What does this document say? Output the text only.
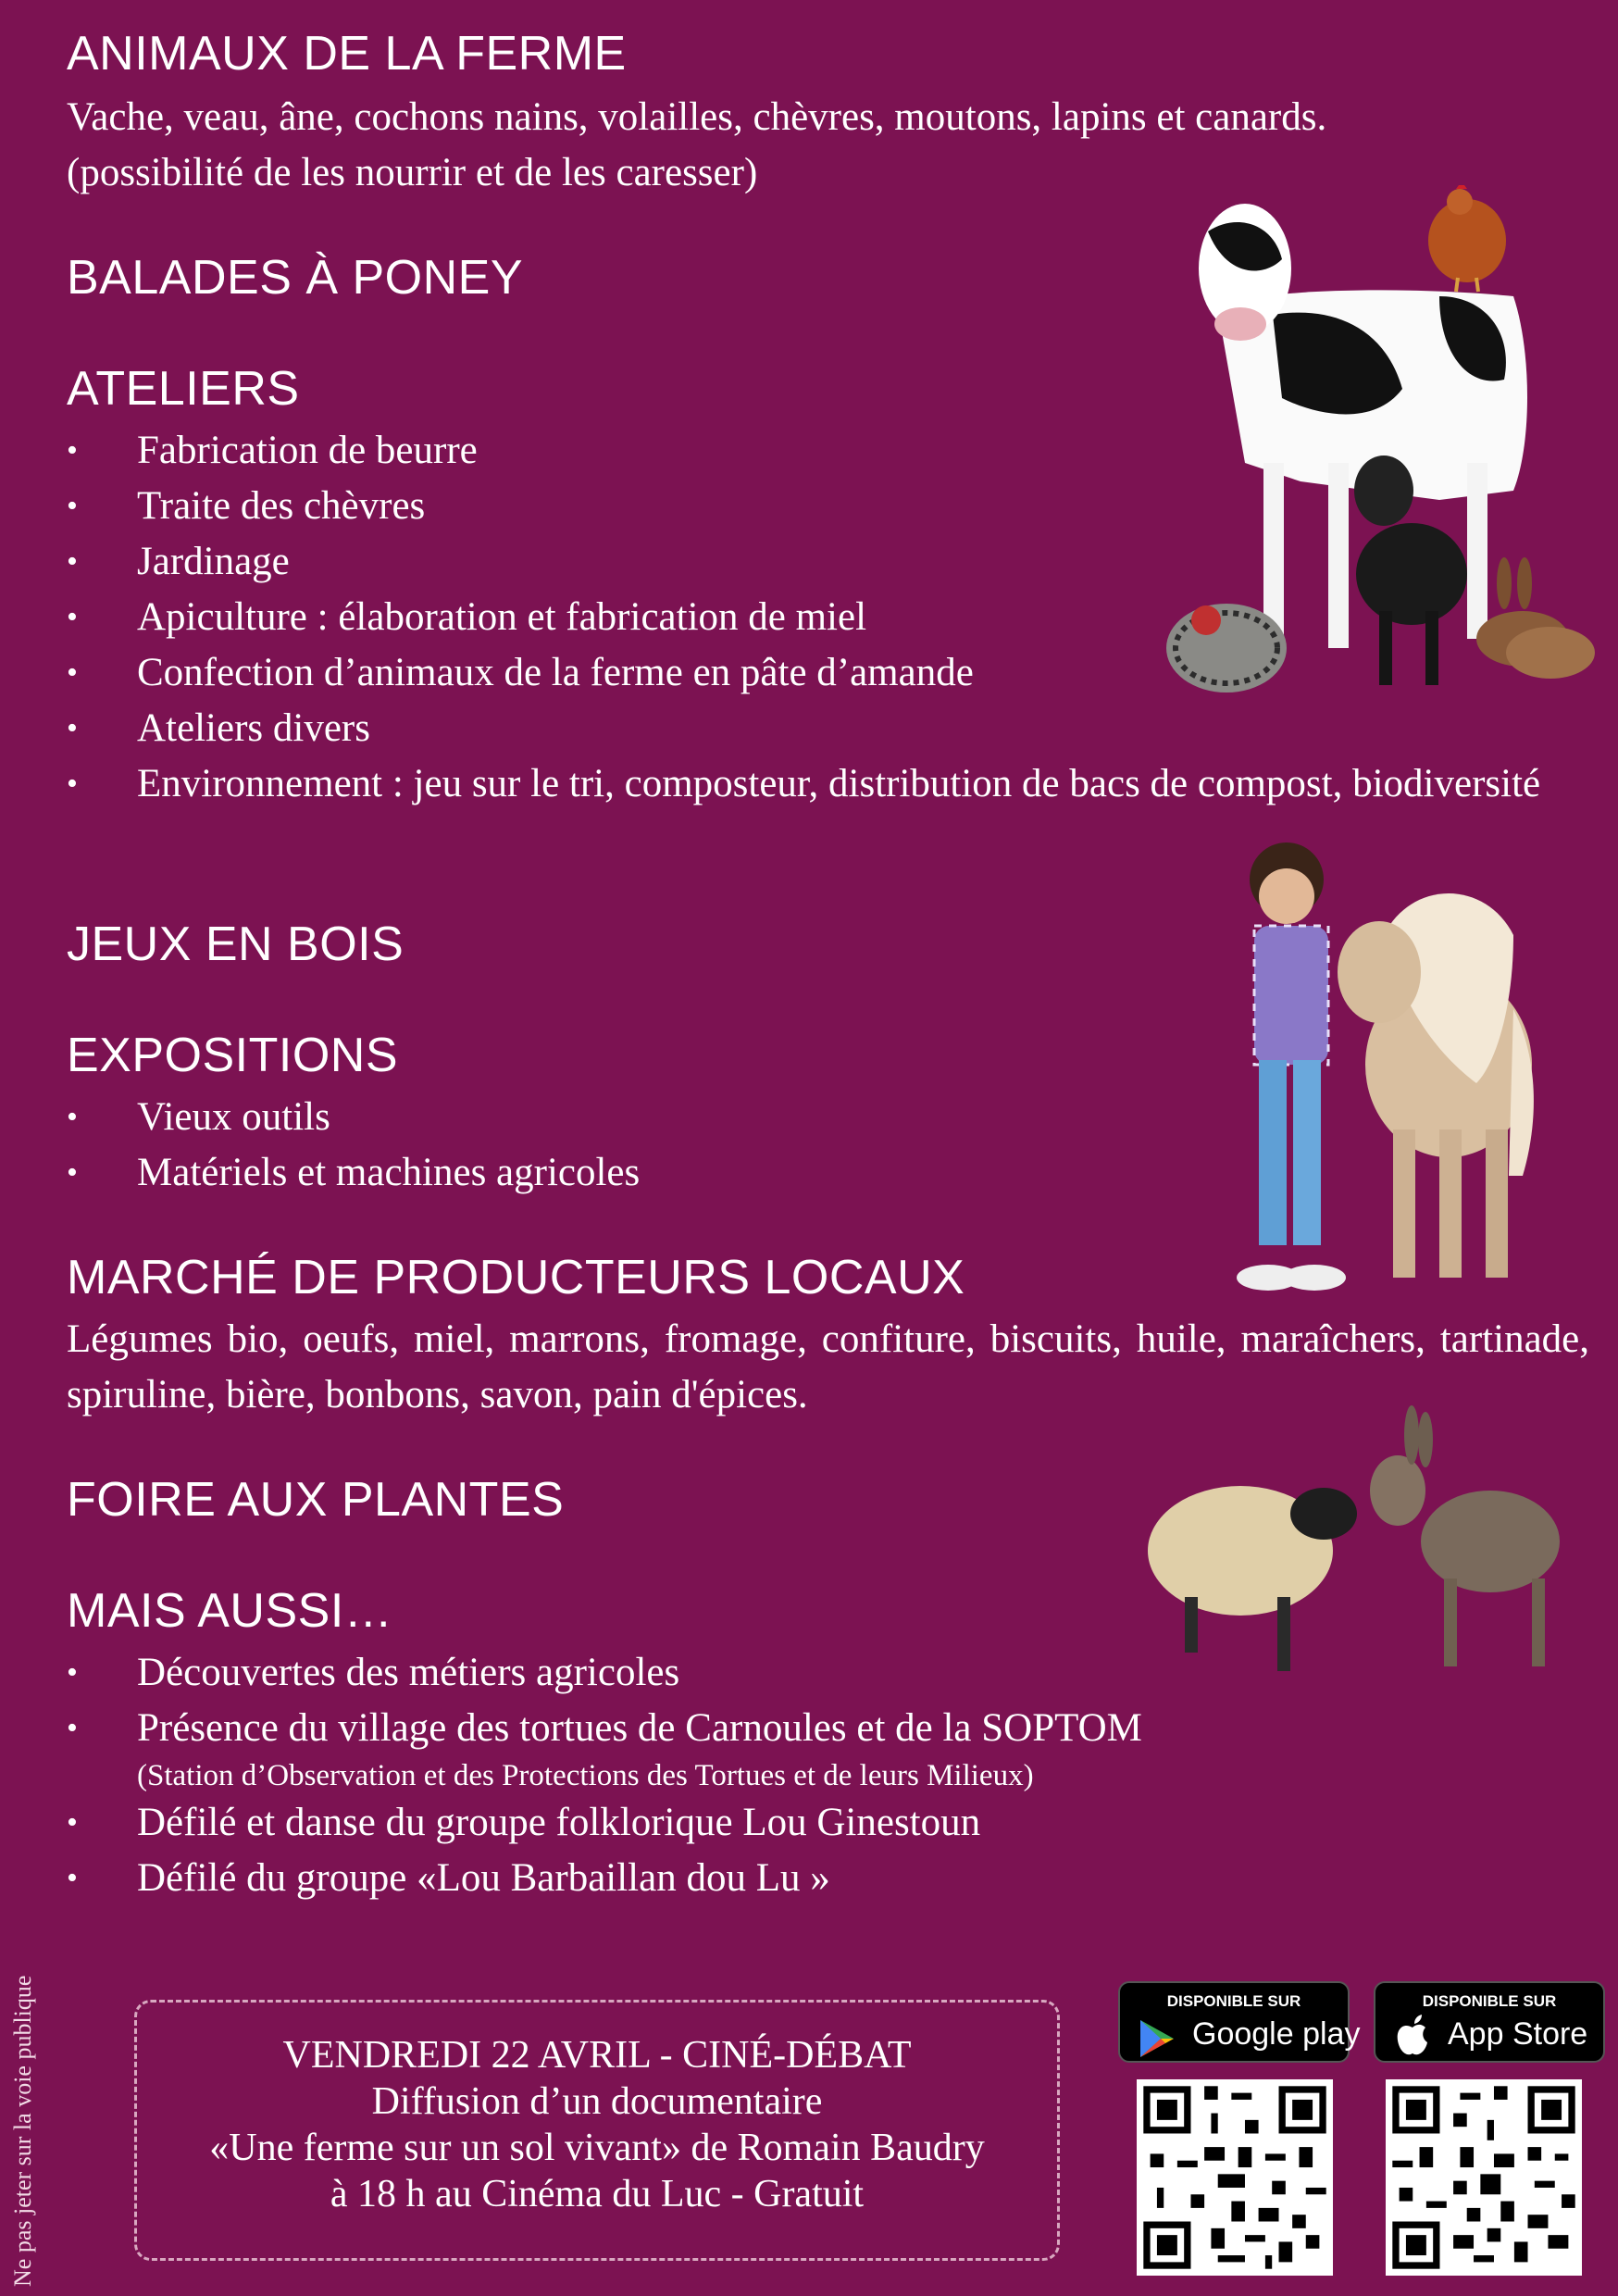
ANIMAUX DE LA FERME

Vache, veau, âne, cochons nains, volailles, chèvres, moutons, lapins et canards.

(possibilité de les nourrir et de les caresser)

BALADES À PONEY
ATELIERS
• Fabrication de beurre
• Traite des chèvres
• Jardinage
• Apiculture : élaboration et fabrication de miel
• Confection d’animaux de la ferme en pâte d’amande
• Ateliers divers
• Environnement : jeu sur le tri, composteur, distribution de bacs de compost, biodiversité
JEUX EN BOIS
EXPOSITIONS
• Vieux outils
• Matériels et machines agricoles
MARCHÉ DE PRODUCTEURS LOCAUX

Légumes bio, oeufs, miel, marrons, fromage, confiture, biscuits, huile, maraîchers, tartinade, spiruline, bière, bonbons, savon, pain d'épices.

FOIRE AUX PLANTES
MAIS AUSSI…
• Découvertes des métiers agricoles
• Présence du village des tortues de Carnoules et de la SOPTOM
(Station d’Observation et des Protections des Tortues et de leurs Milieux)
• Défilé et danse du groupe folklorique Lou Ginestoun
• Défilé du groupe «Lou Barbaillan dou Lu »
Ne pas jeter sur la voie publique	VENDREDI 22 AVRIL - CINÉ-DÉBAT
Diffusion d’un documentaire
«Une ferme sur un sol vivant» de Romain Baudry
à 18 h au Cinéma du Luc - Gratuit
DISPONIBLE SUR
Google play
DISPONIBLE SUR
App Store
